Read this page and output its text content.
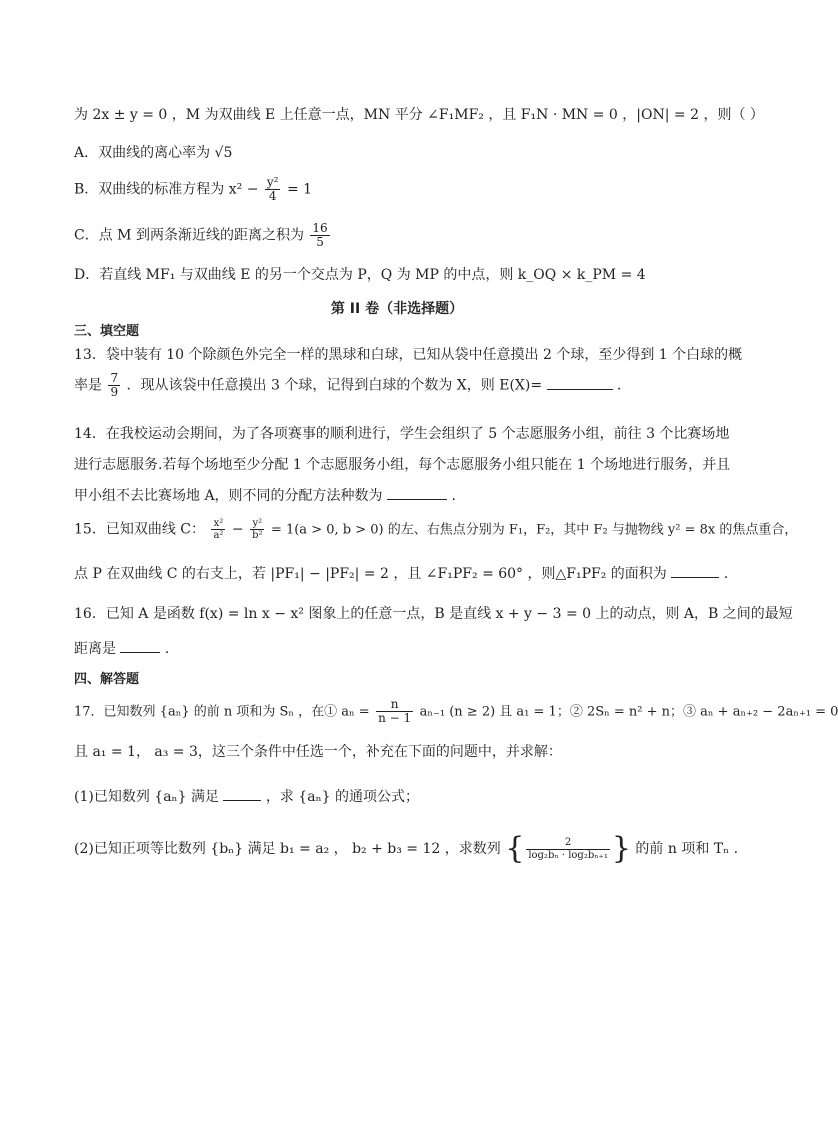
为 2x ± y = 0 ，M 为双曲线 E 上任意一点，MN 平分 ∠F₁MF₂ ，且 F₁N · MN = 0 ，|ON| = 2 ，则（ ）
A．双曲线的离心率为 √5
B．双曲线的标准方程为 $x^2 - \frac{\text{y²}}{4} = 1$
C．点 M 到两条渐近线的距离之积为 $\frac{16}{5}$
D．若直线 MF₁ 与双曲线 E 的另一个交点为 P，Q 为 MP 的中点，则 k_OQ × k_PM = 4
第 II 卷（非选择题）
三、填空题
13．袋中装有 10 个除颜色外完全一样的黑球和白球，已知从袋中任意摸出 2 个球，至少得到 1 个白球的概
率是 $\frac{7}{9}$ ．现从该袋中任意摸出 3 个球，记得到白球的个数为 X，则 E(X)=	．
14．在我校运动会期间，为了各项赛事的顺利进行，学生会组织了 5 个志愿服务小组，前往 3 个比赛场地
进行志愿服务.若每个场地至少分配 1 个志愿服务小组，每个志愿服务小组只能在 1 个场地进行服务，并且
甲小组不去比赛场地 A，则不同的分配方法种数为	.
15．已知双曲线 C： $\frac{\text{x²}}{\text{a²}} - \frac{\text{y²}}{\text{b²}} = 1(a > 0$, b > 0) 的左、右焦点分别为 F₁，F₂，其中 F₂ 与抛物线 y² = 8x 的焦点重合，
点 P 在双曲线 C 的右支上，若 |PF₁| − |PF₂| = 2 ，且 ∠F₁PF₂ = 60° ，则△F₁PF₂ 的面积为	.
16．已知 A 是函数 f(x) = ln x − x² 图象上的任意一点，B 是直线 x + y − 3 = 0 上的动点，则 A，B 之间的最短
距离是	．
四、解答题
17．已知数列 {aₙ} 的前 n 项和为 Sₙ ，在① $a_n = \frac{n}{n - 1} a_{n-1}$ (n ≥ 2) 且 a₁ = 1；② 2Sₙ = n² + n；③ aₙ + aₙ₊₂ − 2aₙ₊₁ = 0
且 a₁ = 1， a₃ = 3，这三个条件中任选一个，补充在下面的问题中，并求解：
(1)已知数列 {aₙ} 满足	，求 {aₙ} 的通项公式；
(2)已知正项等比数列 {bₙ} 满足 b₁ = a₂ ， b₂ + b₃ = 12 ，求数列 { $\frac{2}{\text{log₂bₙ · log₂bₙ₊₁}}$ } 的前 n 项和 Tₙ .
